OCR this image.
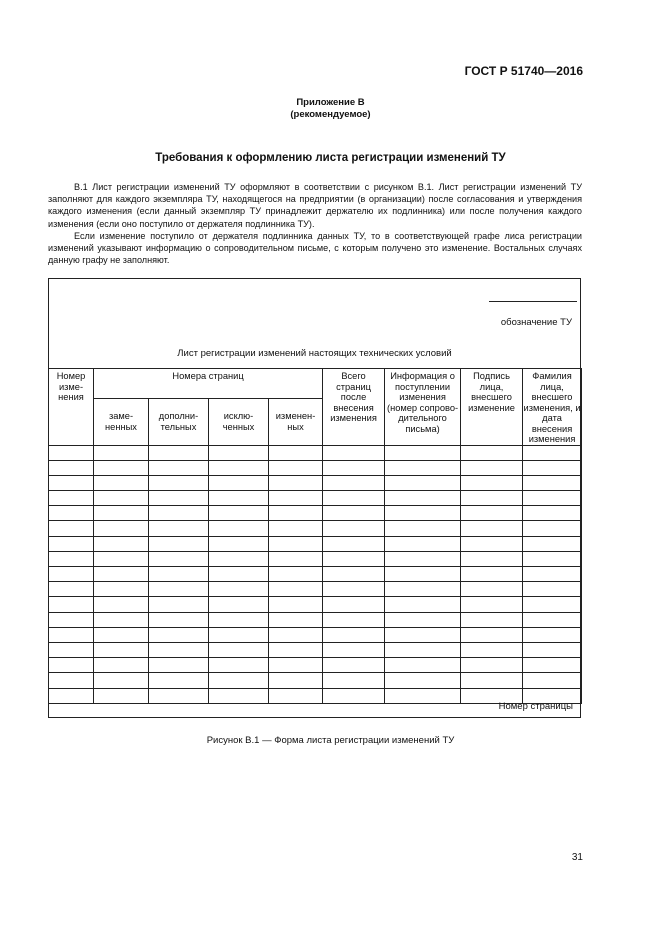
ГОСТ Р 51740—2016
Приложение В
(рекомендуемое)
Требования к оформлению листа регистрации изменений ТУ

В.1 Лист регистрации изменений ТУ оформляют в соответствии с рисунком В.1. Лист регистрации изменений ТУ заполняют для каждого экземпляра ТУ, находящегося на предприятии (в организации) после согласования и утверждения каждого изменения (если данный экземпляр ТУ принадлежит держателю их подлинника) или после получения каждого изменения (если оно поступило от держателя подлинника ТУ).

Если изменение поступило от держателя подлинника данных ТУ, то в соответствующей графе лиса регистрации изменений указывают информацию о сопроводительном письме, с которым получено это изменение. Востальных случаях данную графу не заполняют.

обозначение ТУ
Лист регистрации изменений настоящих технических условий
Номер изме-нения	Номера страниц				Всего страниц после внесения изменения	Информация о поступлении изменения (номер сопрово-дительного письма)	Подпись лица, внесшего изменение	Фамилия лица, внесшего изменения, и дата внесения изменения
	заме-ненных	дополни-тельных	исклю-ченных	изменен-ных				

Номер страницы
Рисунок В.1 — Форма листа регистрации изменений ТУ
31
